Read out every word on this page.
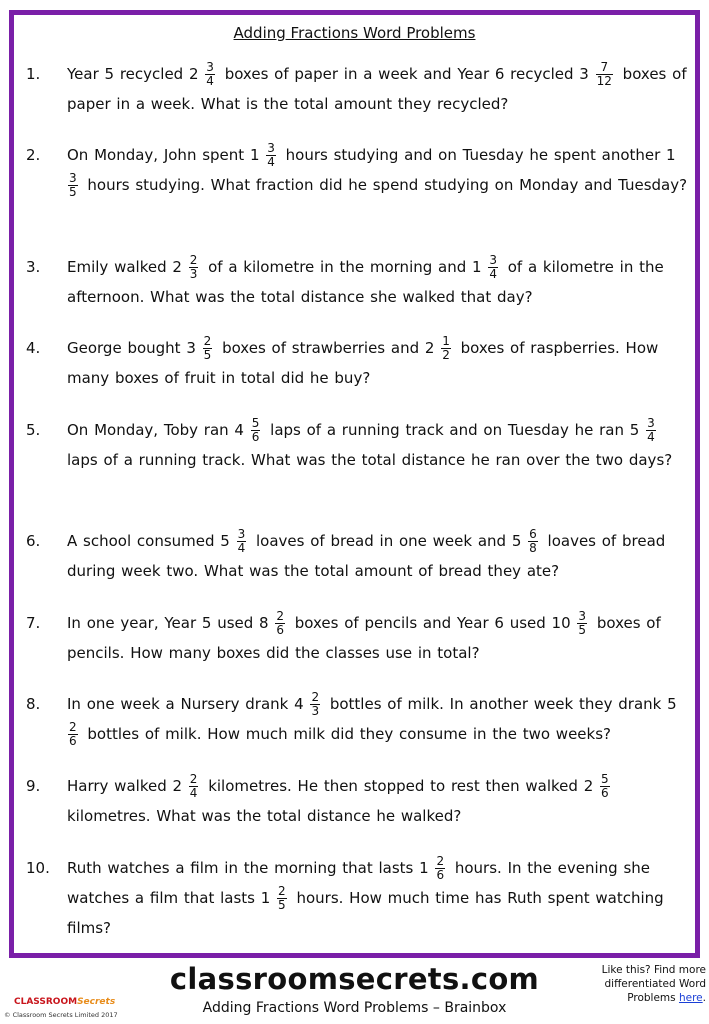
Adding Fractions Word Problems
1. Year 5 recycled $2 \frac{3}{4}$ boxes of paper in a week and Year 6 recycled $3 \frac{7}{12}$ boxes of paper in a week. What is the total amount they recycled?
2. On Monday, John spent $1 \frac{3}{4}$ hours studying and on Tuesday he spent another 1
$\frac{3}{5}$ hours studying. What fraction did he spend studying on Monday and Tuesday?
3. Emily walked $2 \frac{2}{3}$ of a kilometre in the morning and $1 \frac{3}{4}$ of a kilometre in the afternoon. What was the total distance she walked that day?
4. George bought $3 \frac{2}{5}$ boxes of strawberries and $2 \frac{1}{2}$ boxes of raspberries. How many boxes of fruit in total did he buy?
5. On Monday, Toby ran $4 \frac{5}{6}$ laps of a running track and on Tuesday he ran $5 \frac{3}{4}$
laps of a running track. What was the total distance he ran over the two days?
6. A school consumed $5 \frac{3}{4}$ loaves of bread in one week and $5 \frac{6}{8}$ loaves of bread during week two. What was the total amount of bread they ate?
7. In one year, Year 5 used $8 \frac{2}{6}$ boxes of pencils and Year 6 used $10 \frac{3}{5}$ boxes of pencils. How many boxes did the classes use in total?
8. In one week a Nursery drank $4 \frac{2}{3}$ bottles of milk. In another week they drank 5
$\frac{2}{6}$ bottles of milk. How much milk did they consume in the two weeks?
9. Harry walked $2 \frac{2}{4}$ kilometres. He then stopped to rest then walked $2 \frac{5}{6}$
kilometres. What was the total distance he walked?
10. Ruth watches a film in the morning that lasts $1 \frac{2}{6}$ hours. In the evening she watches a film that lasts $1 \frac{2}{5}$ hours. How much time has Ruth spent watching films?
classroomsecrets.com
Adding Fractions Word Problems – Brainbox
Like this? Find more
differentiated Word
Problems here.
CLASSROOMSecrets
© Classroom Secrets Limited 2017
